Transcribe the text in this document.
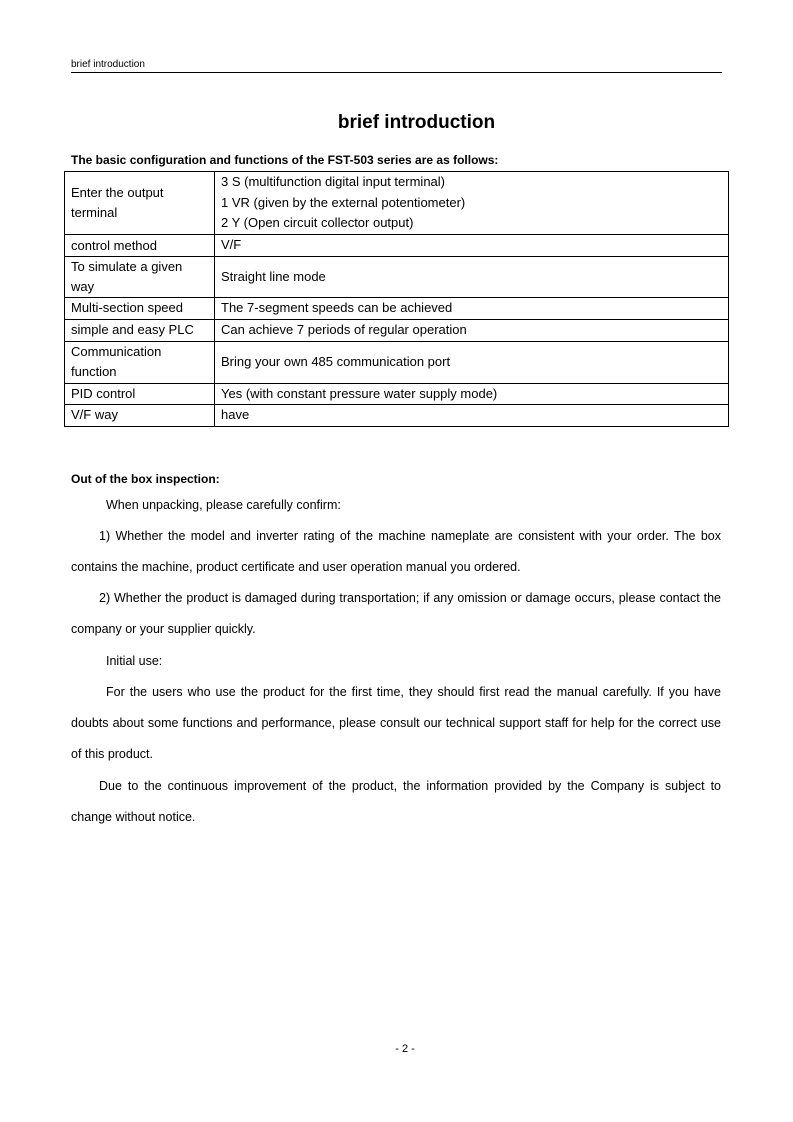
brief introduction
brief introduction
The basic configuration and functions of the FST-503 series are as follows:
Enter the output terminal	3 S (multifunction digital input terminal)
1 VR (given by the external potentiometer)
2 Y (Open circuit collector output)

control method	V/F

To simulate a given way	Straight line mode

Multi-section speed	The 7-segment speeds can be achieved

simple and easy PLC	Can achieve 7 periods of regular operation

Communication function	Bring your own 485 communication port

PID control	Yes (with constant pressure water supply mode)

V/F way	have
Out of the box inspection:
When unpacking, please carefully confirm:
1) Whether the model and inverter rating of the machine nameplate are consistent with your order. The box contains the machine, product certificate and user operation manual you ordered.
2) Whether the product is damaged during transportation; if any omission or damage occurs, please contact the company or your supplier quickly.
Initial use:
For the users who use the product for the first time, they should first read the manual carefully. If you have doubts about some functions and performance, please consult our technical support staff for help for the correct use of this product.
Due to the continuous improvement of the product, the information provided by the Company is subject to change without notice.
- 2 -
